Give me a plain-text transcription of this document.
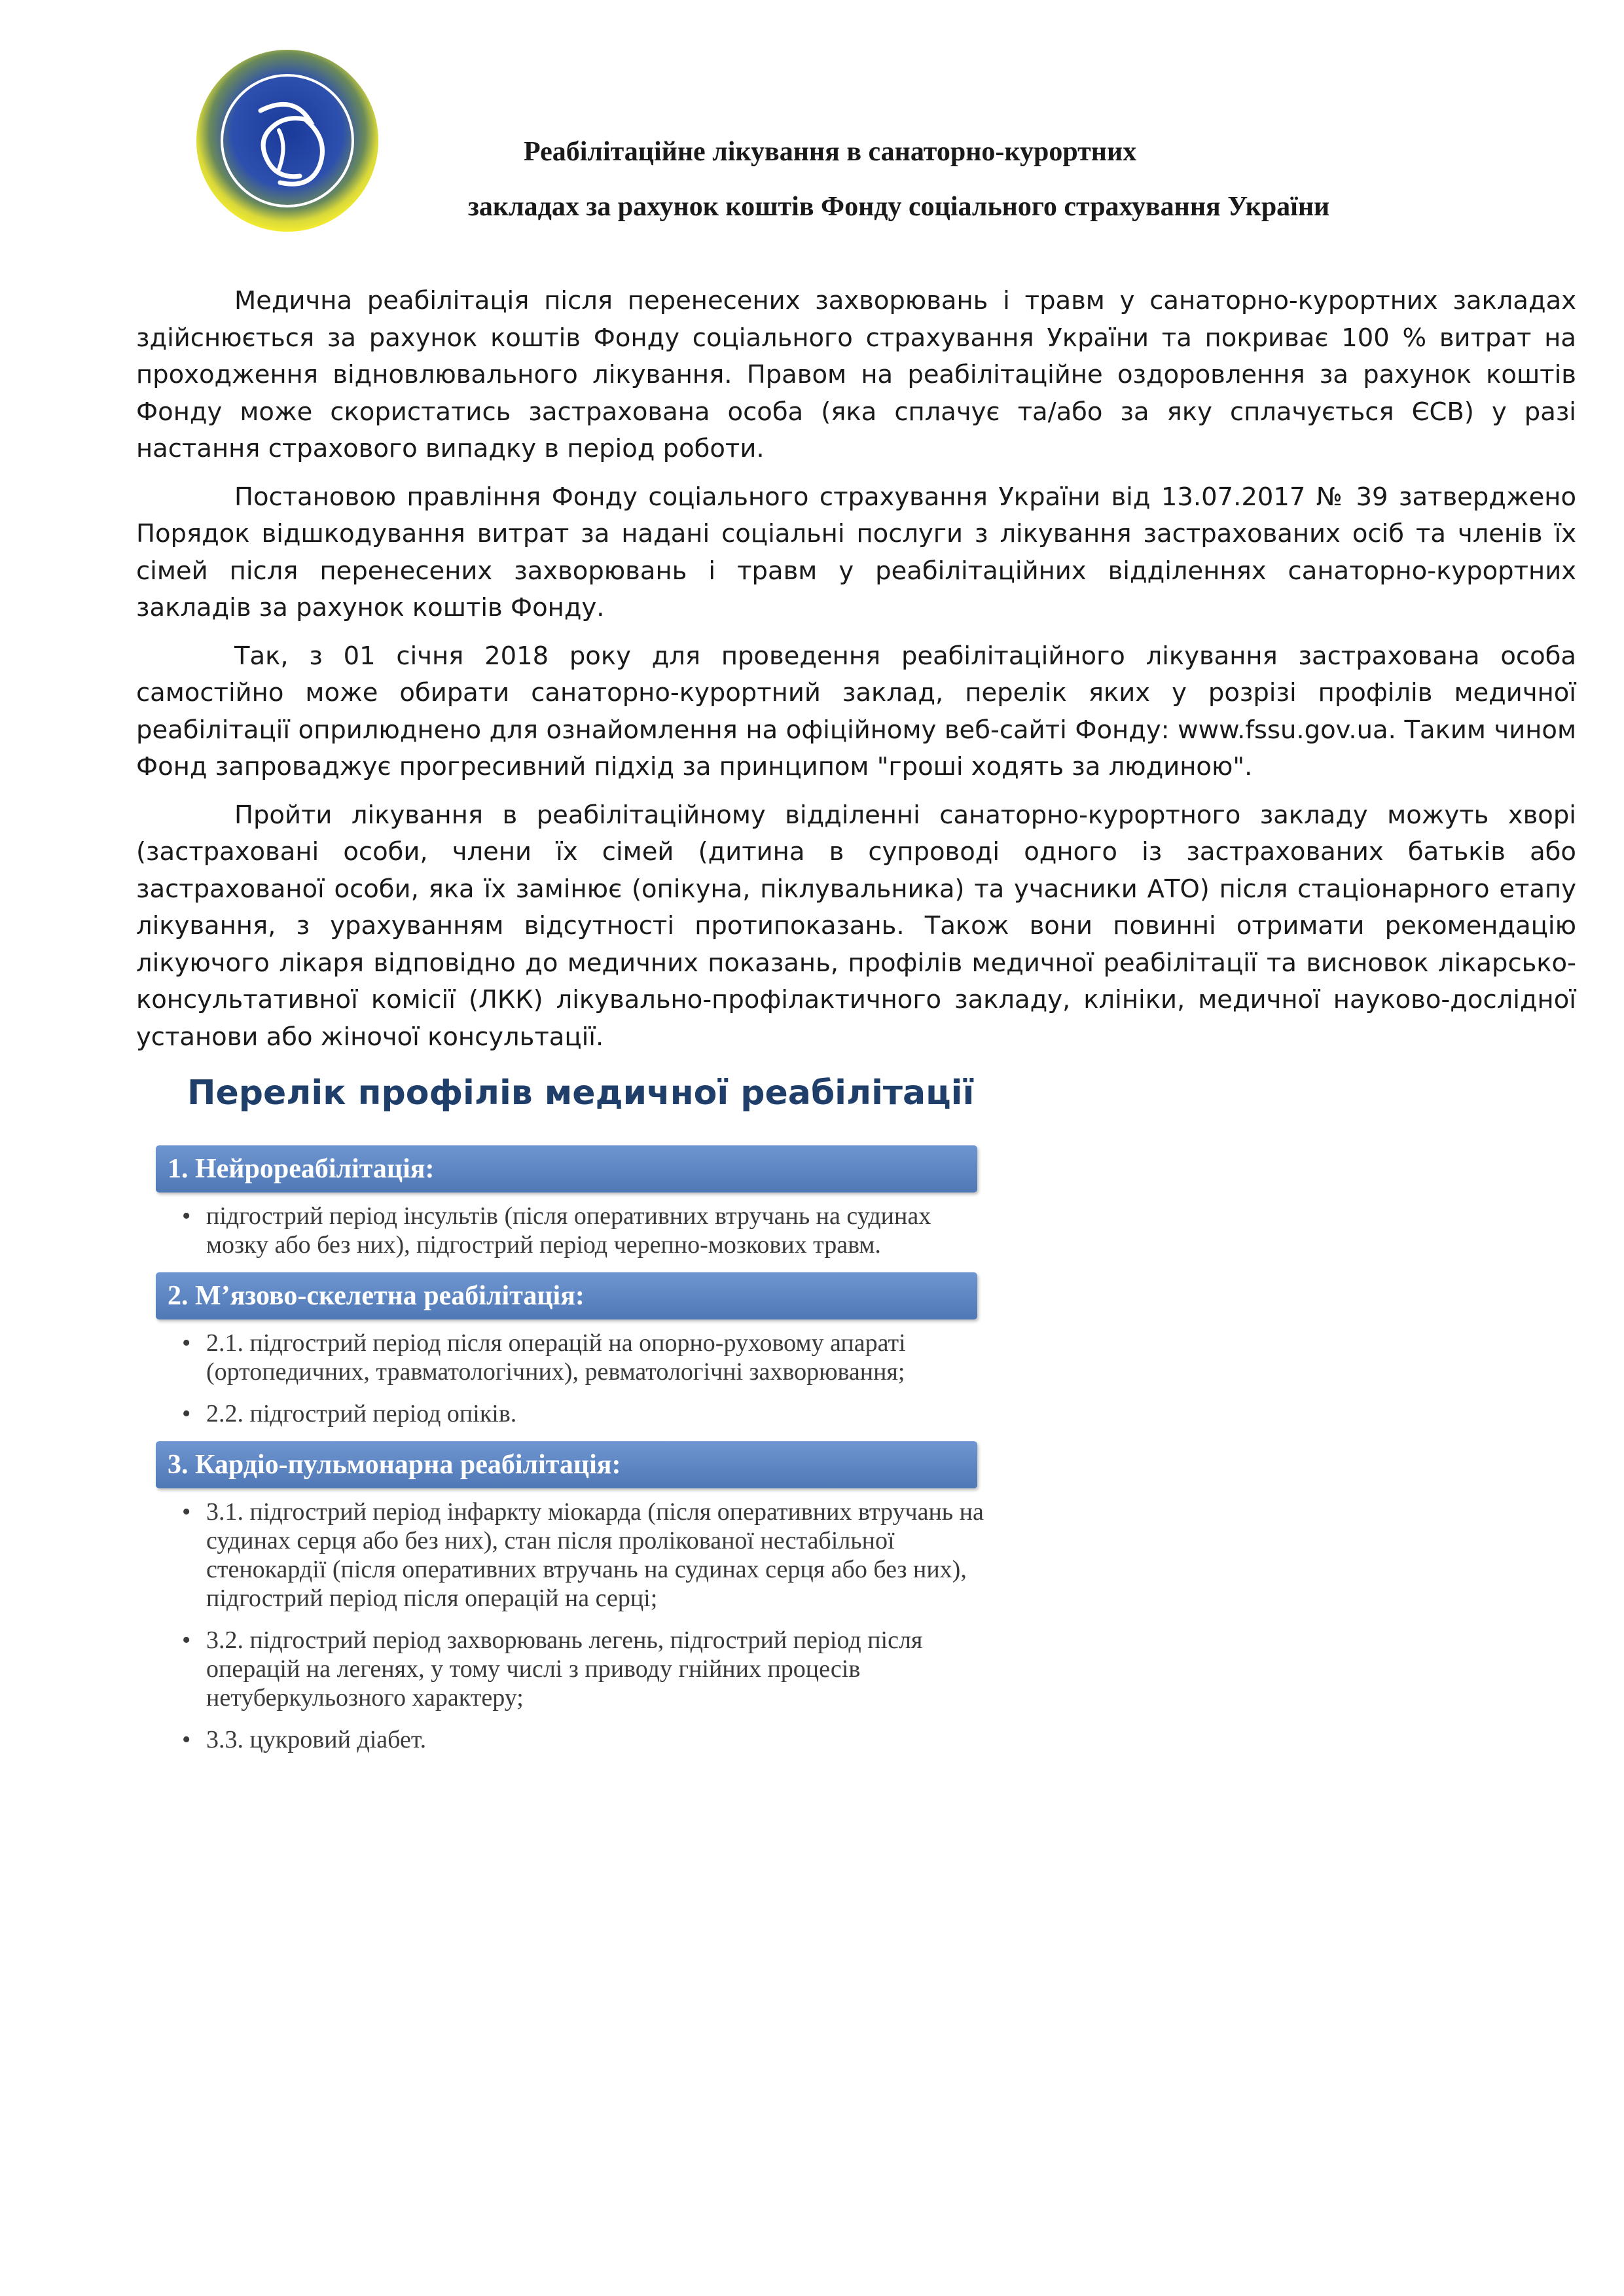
Реабілітаційне лікування в санаторно-курортних
закладах за рахунок коштів Фонду соціального страхування України

Медична реабілітація після перенесених захворювань і травм у санаторно-курортних закладах здійснюється за рахунок коштів Фонду соціального страхування України та покриває 100 % витрат на проходження відновлювального лікування. Правом на реабілітаційне оздоровлення за рахунок коштів Фонду може скористатись застрахована особа (яка сплачує та/або за яку сплачується ЄСВ) у разі настання страхового випадку в період роботи.

Постановою правління Фонду соціального страхування України від 13.07.2017 № 39 затверджено Порядок відшкодування витрат за надані соціальні послуги з лікування застрахованих осіб та членів їх сімей після перенесених захворювань і травм у реабілітаційних відділеннях санаторно-курортних закладів за рахунок коштів Фонду.

Так, з 01 січня 2018 року для проведення реабілітаційного лікування застрахована особа самостійно може обирати санаторно-курортний заклад, перелік яких у розрізі профілів медичної реабілітації оприлюднено для ознайомлення на офіційному веб-сайті Фонду: www.fssu.gov.ua. Таким чином Фонд запроваджує прогресивний підхід за принципом "гроші ходять за людиною".

Пройти лікування в реабілітаційному відділенні санаторно-курортного закладу можуть хворі (застраховані особи, члени їх сімей (дитина в супроводі одного із застрахованих батьків або застрахованої особи, яка їх замінює (опікуна, піклувальника) та учасники АТО) після стаціонарного етапу лікування, з урахуванням відсутності протипоказань. Також вони повинні отримати рекомендацію лікуючого лікаря відповідно до медичних показань, профілів медичної реабілітації та висновок лікарсько-консультативної комісії (ЛКК) лікувально-профілактичного закладу, клініки, медичної науково-дослідної установи або жіночої консультації.

Перелік профілів медичної реабілітації
1. Нейрореабілітація:
• підгострий період інсультів (після оперативних втручань на судинах мозку або без них), підгострий період черепно-мозкових травм.
2. М’язово-скелетна реабілітація:
• 2.1. підгострий період після операцій на опорно-руховому апараті (ортопедичних, травматологічних), ревматологічні захворювання;
• 2.2. підгострий період опіків.
3. Кардіо-пульмонарна реабілітація:
• 3.1. підгострий період інфаркту міокарда (після оперативних втручань на судинах серця або без них), стан після пролікованої нестабільної стенокардії (після оперативних втручань на судинах серця або без них), підгострий період після операцій на серці;
• 3.2. підгострий період захворювань легень, підгострий період після операцій на легенях, у тому числі з приводу гнійних процесів нетуберкульозного характеру;
• 3.3. цукровий діабет.
